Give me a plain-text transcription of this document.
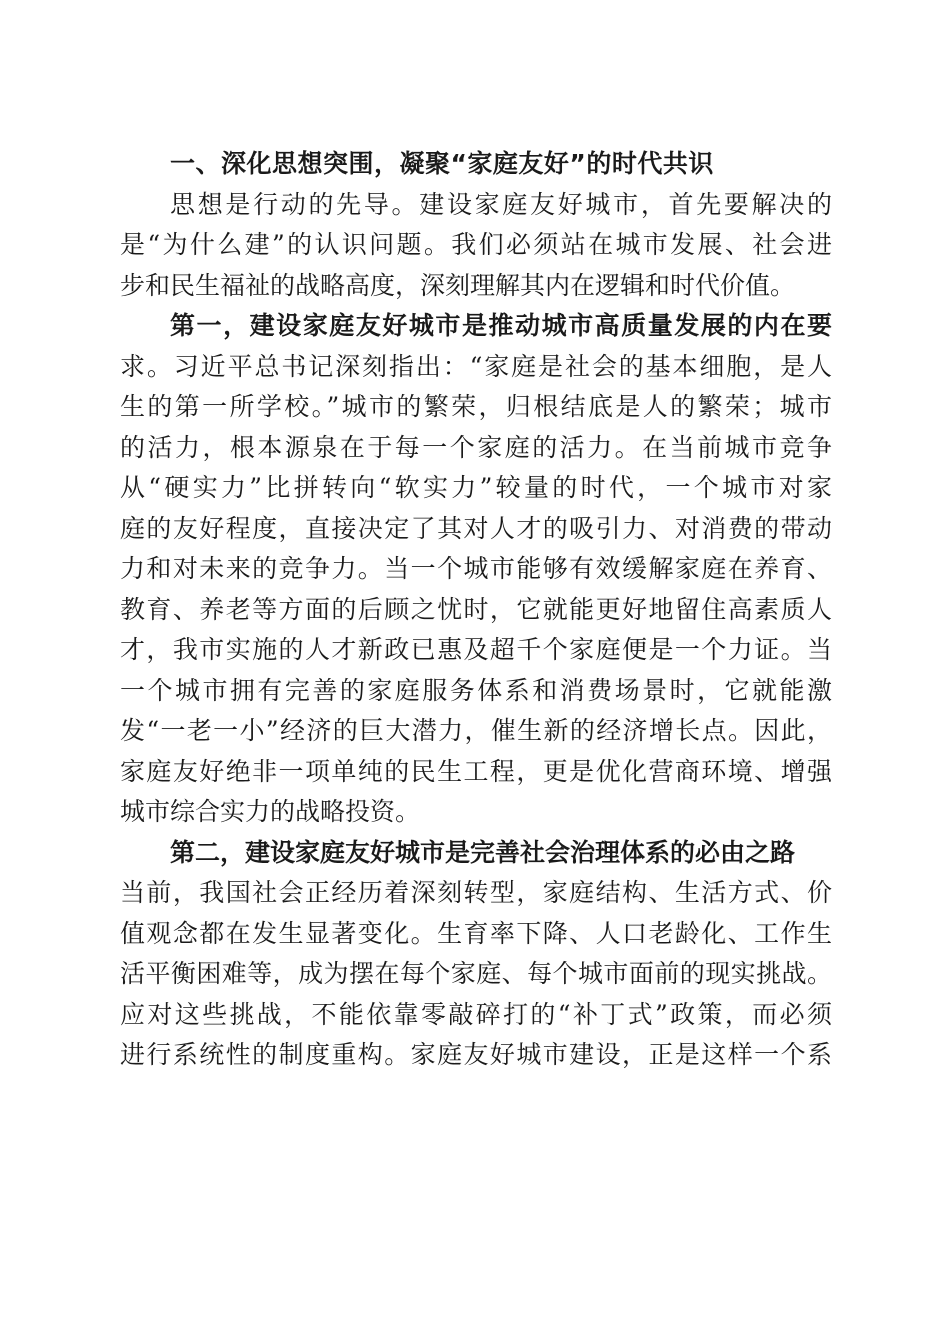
一、深化思想突围，凝聚“家庭友好”的时代共识
思想是行动的先导。建设家庭友好城市，首先要解决的
是“为什么建”的认识问题。我们必须站在城市发展、社会进
步和民生福祉的战略高度，深刻理解其内在逻辑和时代价值。
第一，建设家庭友好城市是推动城市高质量发展的内在要
求。习近平总书记深刻指出：“家庭是社会的基本细胞，是人
生的第一所学校。”城市的繁荣，归根结底是人的繁荣；城市
的活力，根本源泉在于每一个家庭的活力。在当前城市竞争
从“硬实力”比拼转向“软实力”较量的时代，一个城市对家
庭的友好程度，直接决定了其对人才的吸引力、对消费的带动
力和对未来的竞争力。当一个城市能够有效缓解家庭在养育、
教育、养老等方面的后顾之忧时，它就能更好地留住高素质人
才，我市实施的人才新政已惠及超千个家庭便是一个力证。当
一个城市拥有完善的家庭服务体系和消费场景时，它就能激
发“一老一小”经济的巨大潜力，催生新的经济增长点。因此，
家庭友好绝非一项单纯的民生工程，更是优化营商环境、增强
城市综合实力的战略投资。
第二，建设家庭友好城市是完善社会治理体系的必由之路
当前，我国社会正经历着深刻转型，家庭结构、生活方式、价
值观念都在发生显著变化。生育率下降、人口老龄化、工作生
活平衡困难等，成为摆在每个家庭、每个城市面前的现实挑战。
应对这些挑战，不能依靠零敲碎打的“补丁式”政策，而必须
进行系统性的制度重构。家庭友好城市建设，正是这样一个系
